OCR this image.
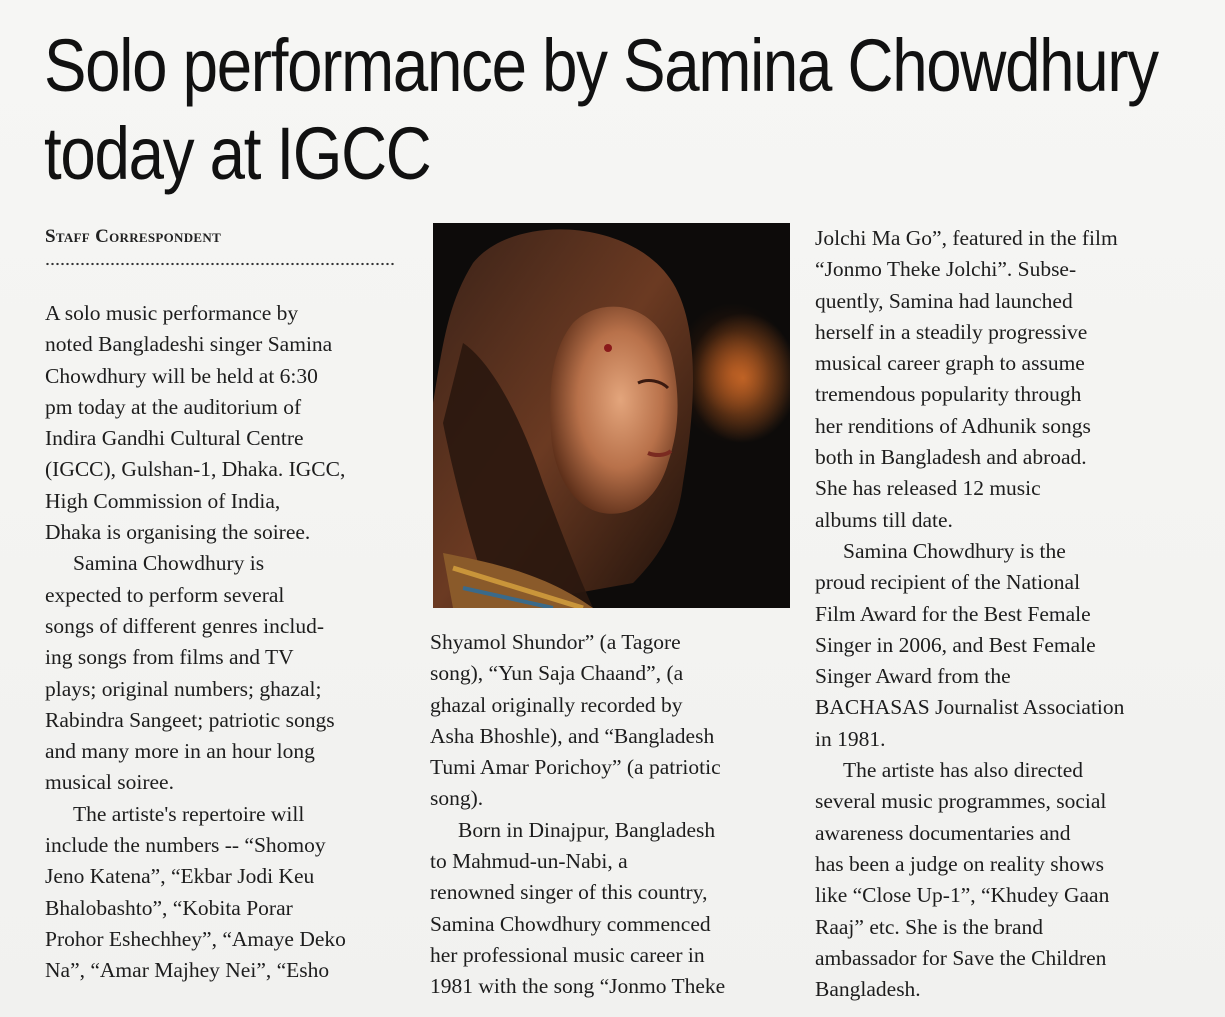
Solo performance by Samina Chowdhury
today at IGCC
Staff Correspondent

A solo music performance by

noted Bangladeshi singer Samina

Chowdhury will be held at 6:30

pm today at the auditorium of

Indira Gandhi Cultural Centre

(IGCC), Gulshan-1, Dhaka. IGCC,

High Commission of India,

Dhaka is organising the soiree.

Samina Chowdhury is

expected to perform several

songs of different genres includ-

ing songs from films and TV

plays; original numbers; ghazal;

Rabindra Sangeet; patriotic songs

and many more in an hour long

musical soiree.

The artiste's repertoire will

include the numbers -- “Shomoy

Jeno Katena”, “Ekbar Jodi Keu

Bhalobashto”, “Kobita Porar

Prohor Eshechhey”, “Amaye Deko

Na”, “Amar Majhey Nei”, “Esho

Shyamol Shundor” (a Tagore

song), “Yun Saja Chaand”, (a

ghazal originally recorded by

Asha Bhoshle), and “Bangladesh

Tumi Amar Porichoy” (a patriotic

song).

Born in Dinajpur, Bangladesh

to Mahmud-un-Nabi, a

renowned singer of this country,

Samina Chowdhury commenced

her professional music career in

1981 with the song “Jonmo Theke

Jolchi Ma Go”, featured in the film

“Jonmo Theke Jolchi”. Subse-

quently, Samina had launched

herself in a steadily progressive

musical career graph to assume

tremendous popularity through

her renditions of Adhunik songs

both in Bangladesh and abroad.

She has released 12 music

albums till date.

Samina Chowdhury is the

proud recipient of the National

Film Award for the Best Female

Singer in 2006, and Best Female

Singer Award from the

BACHASAS Journalist Association

in 1981.

The artiste has also directed

several music programmes, social

awareness documentaries and

has been a judge on reality shows

like “Close Up-1”, “Khudey Gaan

Raaj” etc. She is the brand

ambassador for Save the Children

Bangladesh.
